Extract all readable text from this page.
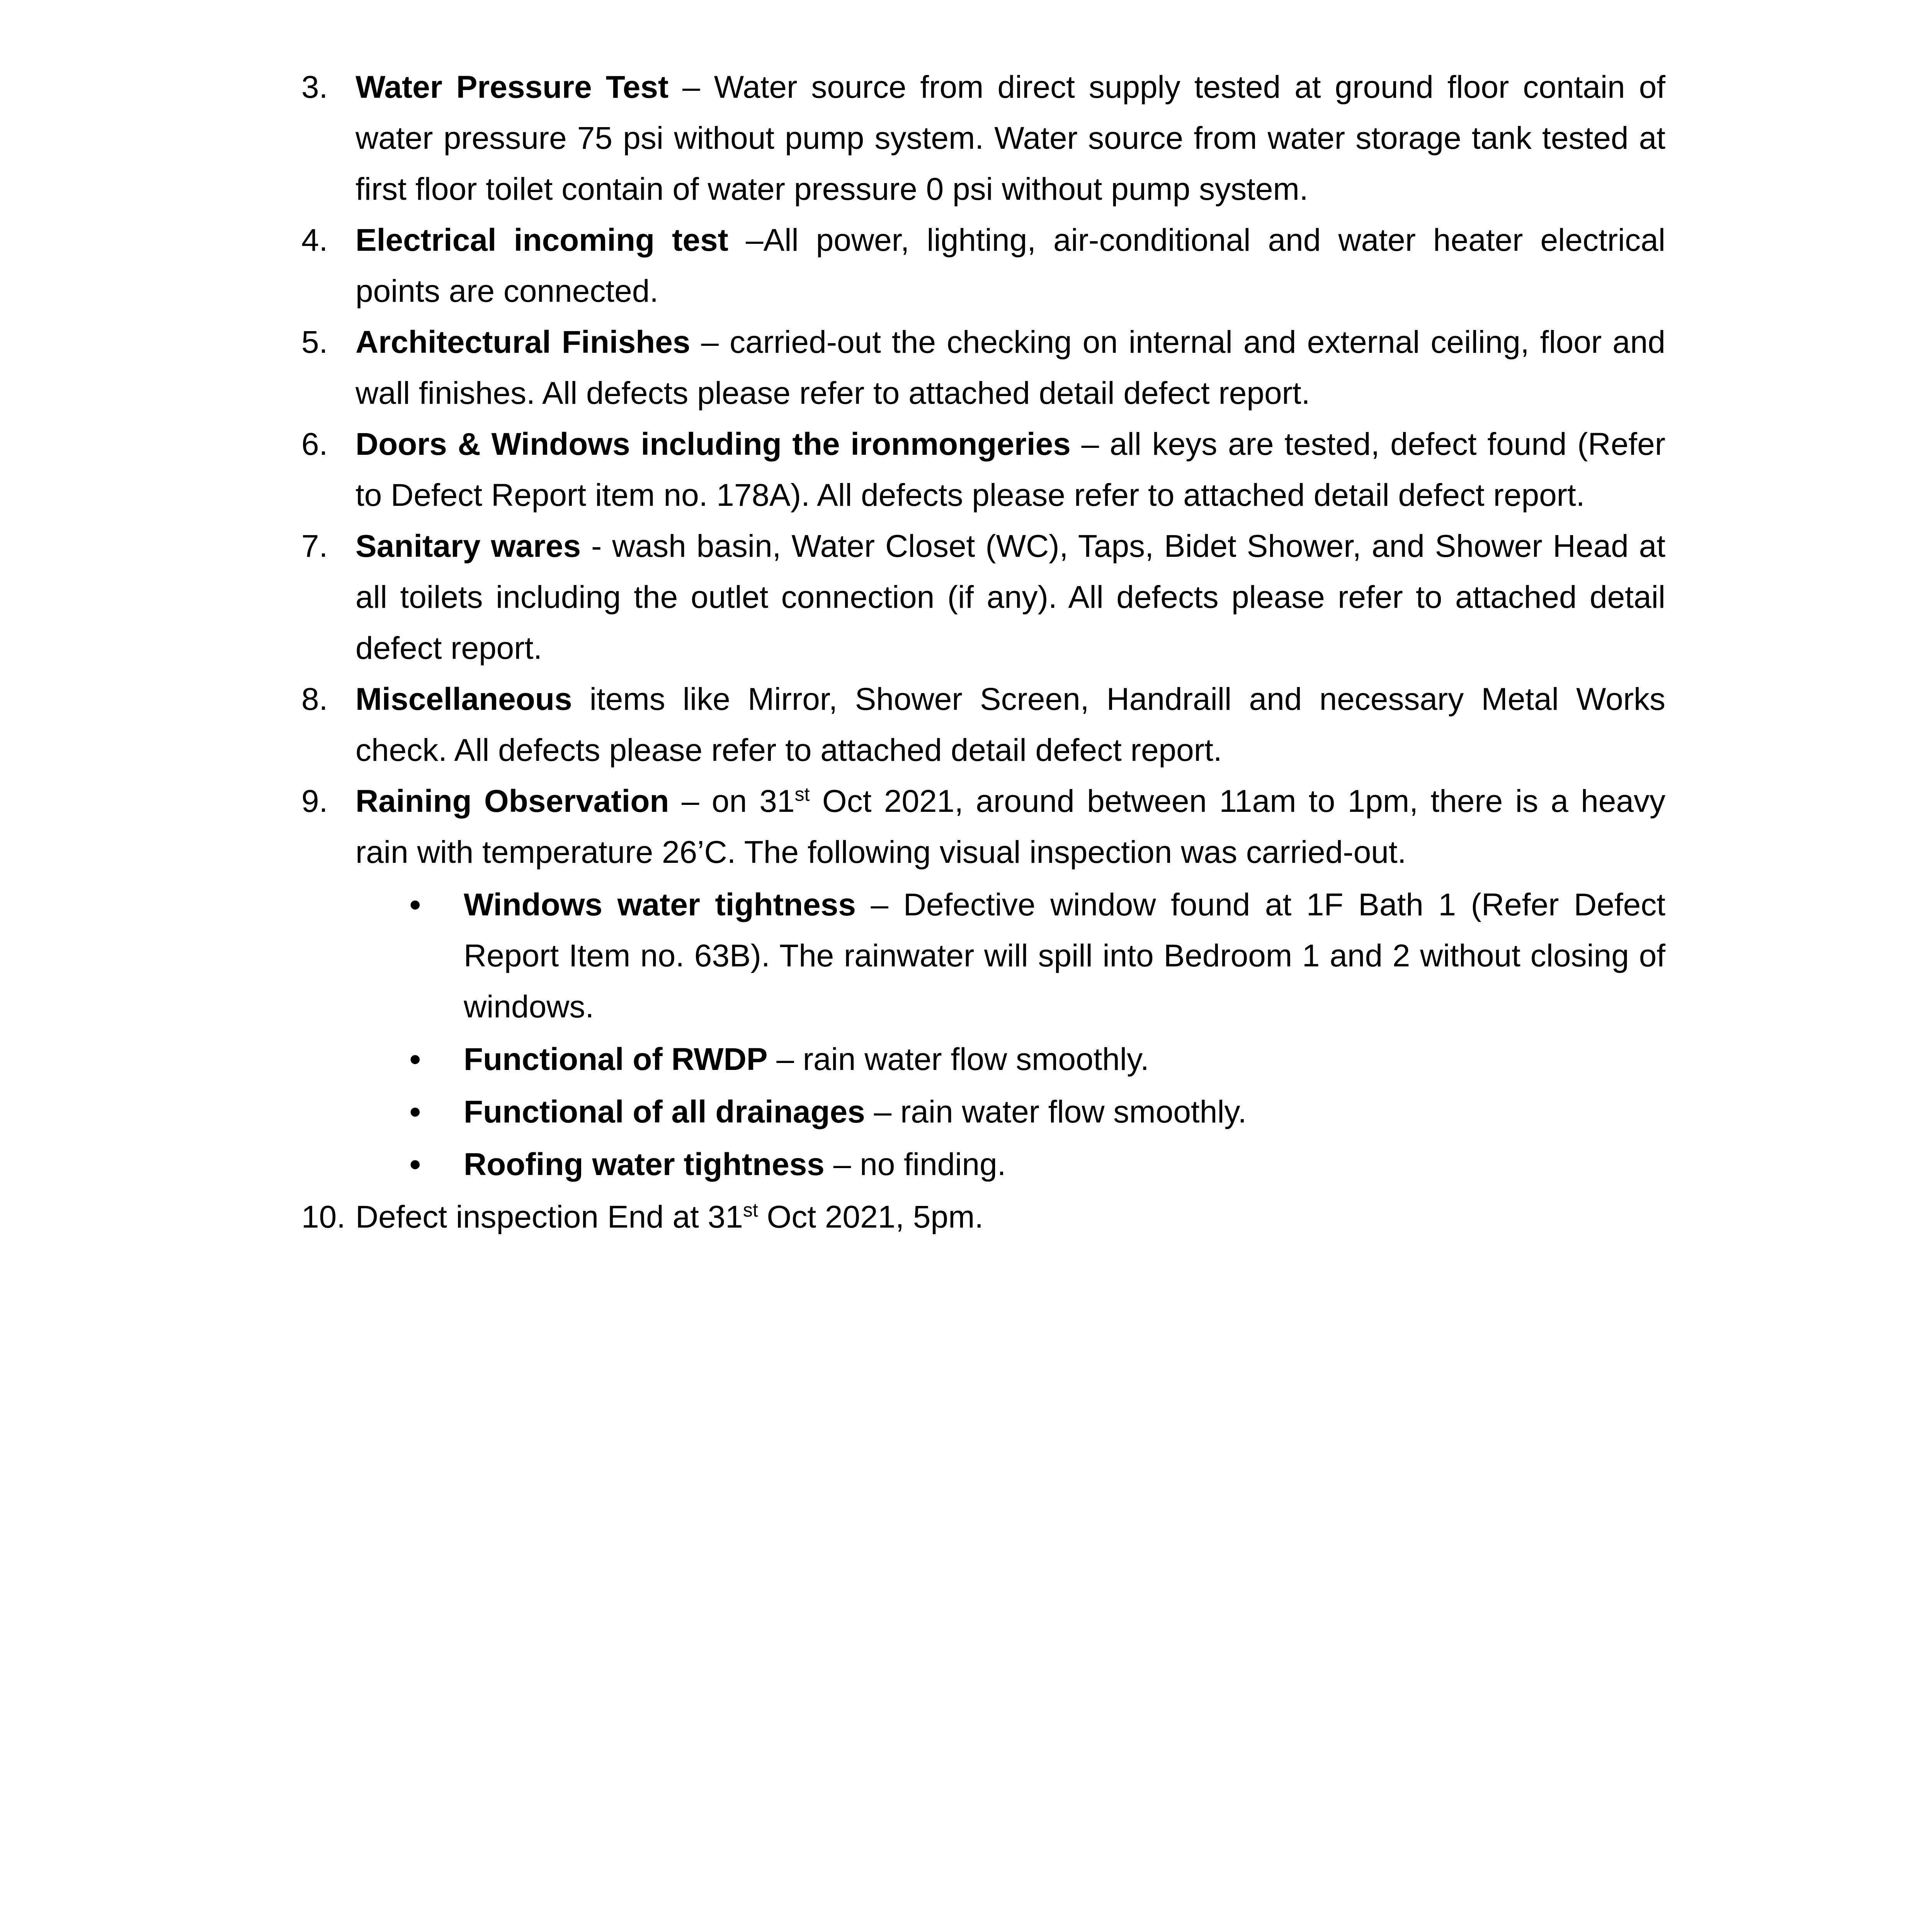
3. Water Pressure Test – Water source from direct supply tested at ground floor contain of water pressure 75 psi without pump system. Water source from water storage tank tested at first floor toilet contain of water pressure 0 psi without pump system.

4. Electrical incoming test –All power, lighting, air-conditional and water heater electrical points are connected.

5. Architectural Finishes – carried-out the checking on internal and external ceiling, floor and wall finishes. All defects please refer to attached detail defect report.

6. Doors & Windows including the ironmongeries – all keys are tested, defect found (Refer to Defect Report item no. 178A). All defects please refer to attached detail defect report.

7. Sanitary wares - wash basin, Water Closet (WC), Taps, Bidet Shower, and Shower Head at all toilets including the outlet connection (if any). All defects please refer to attached detail defect report.

8. Miscellaneous items like Mirror, Shower Screen, Handraill and necessary Metal Works check. All defects please refer to attached detail defect report.

9. Raining Observation – on 31st Oct 2021, around between 11am to 1pm, there is a heavy rain with temperature 26’C. The following visual inspection was carried-out.
• Windows water tightness – Defective window found at 1F Bath 1 (Refer Defect Report Item no. 63B). The rainwater will spill into Bedroom 1 and 2 without closing of windows.
• Functional of RWDP – rain water flow smoothly.
• Functional of all drainages – rain water flow smoothly.
• Roofing water tightness – no finding.

10. Defect inspection End at 31st Oct 2021, 5pm.
